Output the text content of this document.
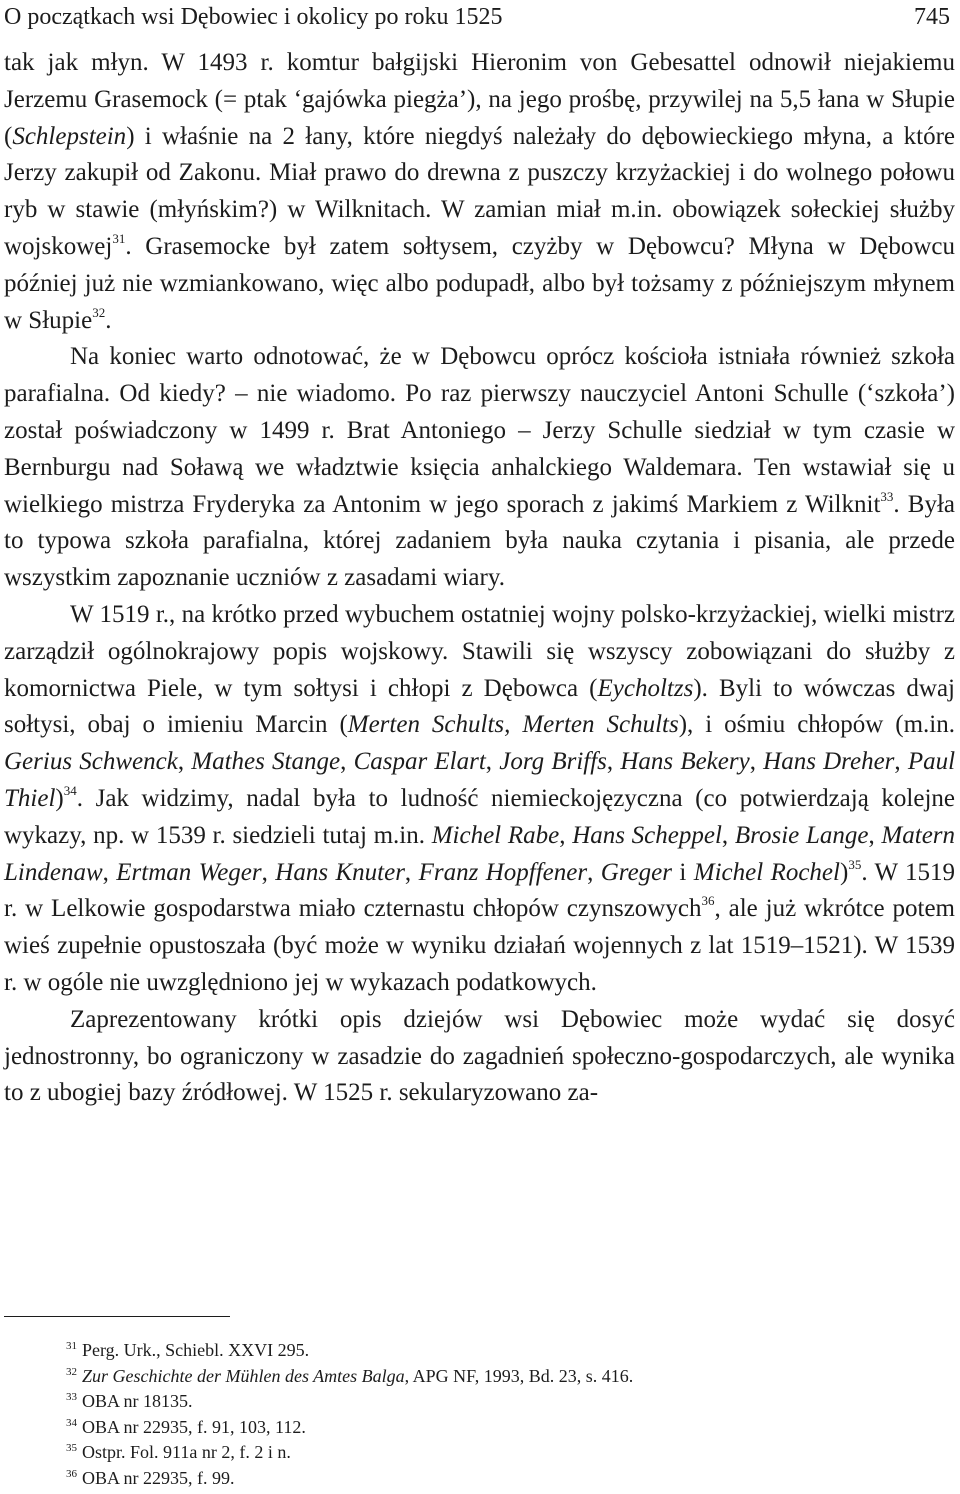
O początkach wsi Dębowiec i okolicy po roku 1525	745

tak jak młyn. W 1493 r. komtur bałgijski Hieronim von Gebesattel odnowił niejakiemu Jerzemu Grasemock (= ptak ‘gajówka piegża’), na jego prośbę, przywilej na 5,5 łana w Słupie (Schlepstein) i właśnie na 2 łany, które niegdyś należały do dębowieckiego młyna, a które Jerzy zakupił od Zakonu. Miał prawo do drewna z puszczy krzyżackiej i do wolnego połowu ryb w stawie (młyńskim?) w Wilknitach. W zamian miał m.in. obowiązek sołeckiej służby wojskowej$^{31}$. Grasemocke był zatem sołtysem, czyżby w Dębowcu? Młyna w Dębowcu później już nie wzmiankowano, więc albo podupadł, albo był tożsamy z późniejszym młynem w Słupie$^{32}$.

Na koniec warto odnotować, że w Dębowcu oprócz kościoła istniała również szkoła parafialna. Od kiedy? – nie wiadomo. Po raz pierwszy nauczyciel Antoni Schulle (‘szkoła’) został poświadczony w 1499 r. Brat Antoniego – Jerzy Schulle siedział w tym czasie w Bernburgu nad Soławą we władztwie księcia anhalckiego Waldemara. Ten wstawiał się u wielkiego mistrza Fryderyka za Antonim w jego sporach z jakimś Markiem z Wilknit$^{33}$. Była to typowa szkoła parafialna, której zadaniem była nauka czytania i pisania, ale przede wszystkim zapoznanie uczniów z zasadami wiary.

W 1519 r., na krótko przed wybuchem ostatniej wojny polsko-krzyżackiej, wielki mistrz zarządził ogólnokrajowy popis wojskowy. Stawili się wszyscy zobowiązani do służby z komornictwa Piele, w tym sołtysi i chłopi z Dębowca (Eycholtzs). Byli to wówczas dwaj sołtysi, obaj o imieniu Marcin (Merten Schults, Merten Schults), i ośmiu chłopów (m.in. Gerius Schwenck, Mathes Stange, Caspar Elart, Jorg Briffs, Hans Bekery, Hans Dreher, Paul Thiel)$^{34}$. Jak widzimy, nadal była to ludność niemieckojęzyczna (co potwierdzają kolejne wykazy, np. w 1539 r. siedzieli tutaj m.in. Michel Rabe, Hans Scheppel, Brosie Lange, Matern Lindenaw, Ertman Weger, Hans Knuter, Franz Hopffener, Greger i Michel Rochel)$^{35}$. W 1519 r. w Lelkowie gospodarstwa miało czternastu chłopów czynszowych$^{36}$, ale już wkrótce potem wieś zupełnie opustoszała (być może w wyniku działań wojennych z lat 1519–1521). W 1539 r. w ogóle nie uwzględniono jej w wykazach podatkowych.

Zaprezentowany krótki opis dziejów wsi Dębowiec może wydać się dosyć jednostronny, bo ograniczony w zasadzie do zagadnień społeczno-gospodarczych, ale wynika to z ubogiej bazy źródłowej. W 1525 r. sekularyzowano za-

$^{31}$ Perg. Urk., Schiebl. XXVI 295.
$^{32}$ Zur Geschichte der Mühlen des Amtes Balga, APG NF, 1993, Bd. 23, s. 416.
$^{33}$ OBA nr 18135.
$^{34}$ OBA nr 22935, f. 91, 103, 112.
$^{35}$ Ostpr. Fol. 911a nr 2, f. 2 i n.
$^{36}$ OBA nr 22935, f. 99.
